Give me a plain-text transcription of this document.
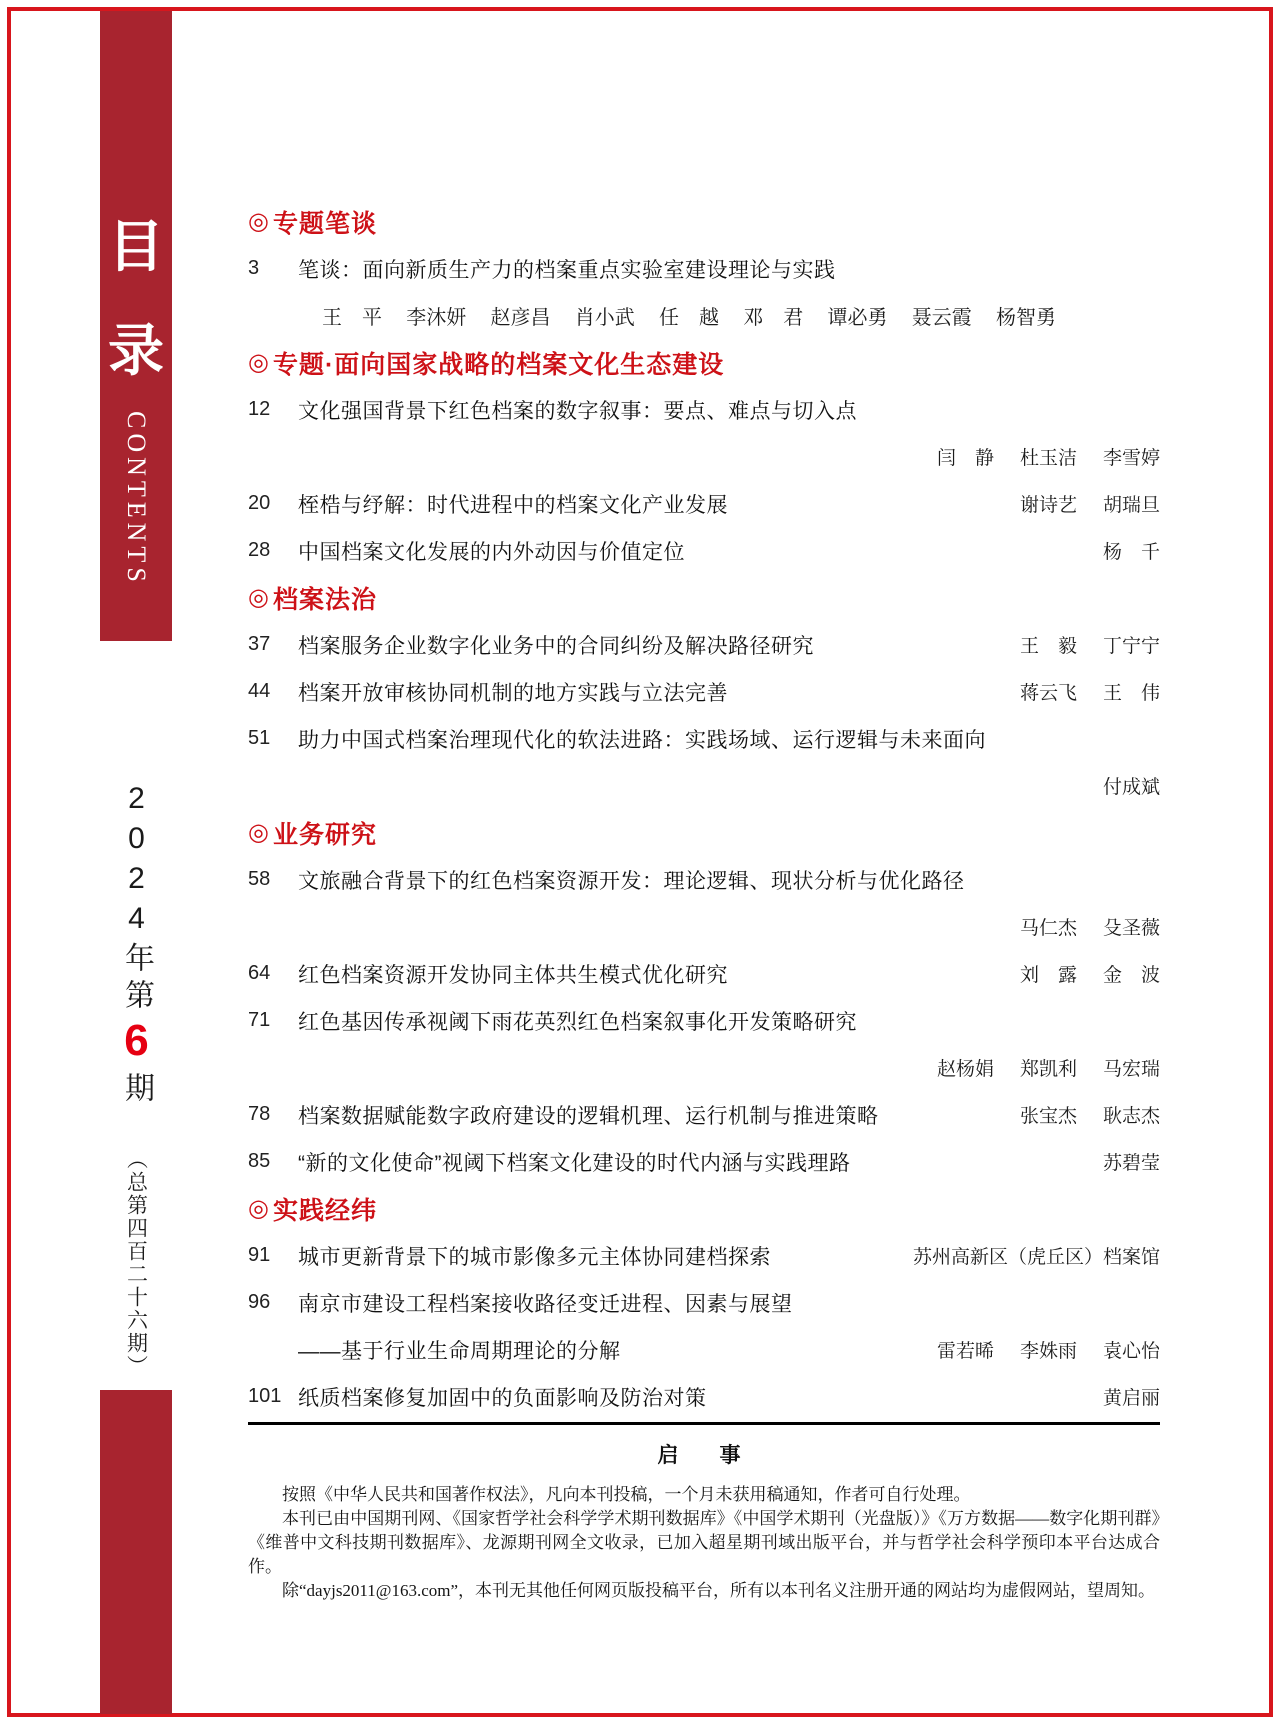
目
录
CONTENTS
2024年第6期
（总第四百二十六期）
◎ 专题笔谈
3	笔谈：面向新质生产力的档案重点实验室建设理论与实践
王　平 李沐妍 赵彦昌 肖小武 任　越 邓　君 谭必勇 聂云霞 杨智勇
◎ 专题·面向国家战略的档案文化生态建设
12	文化强国背景下红色档案的数字叙事：要点、难点与切入点
闫　静 杜玉洁 李雪婷
20	桎梏与纾解：时代进程中的档案文化产业发展	谢诗艺 胡瑞旦
28	中国档案文化发展的内外动因与价值定位	杨　千
◎ 档案法治
37	档案服务企业数字化业务中的合同纠纷及解决路径研究	王　毅 丁宁宁
44	档案开放审核协同机制的地方实践与立法完善	蒋云飞 王　伟
51	助力中国式档案治理现代化的软法进路：实践场域、运行逻辑与未来面向
付成斌
◎ 业务研究
58	文旅融合背景下的红色档案资源开发：理论逻辑、现状分析与优化路径
马仁杰 殳圣薇
64	红色档案资源开发协同主体共生模式优化研究	刘　露 金　波
71	红色基因传承视阈下雨花英烈红色档案叙事化开发策略研究
赵杨娟 郑凯利 马宏瑞
78	档案数据赋能数字政府建设的逻辑机理、运行机制与推进策略	张宝杰 耿志杰
85	“新的文化使命”视阈下档案文化建设的时代内涵与实践理路	苏碧莹
◎ 实践经纬
91	城市更新背景下的城市影像多元主体协同建档探索	苏州高新区（虎丘区）档案馆
96	南京市建设工程档案接收路径变迁进程、因素与展望
——基于行业生命周期理论的分解	雷若晞 李姝雨 袁心怡
101 纸质档案修复加固中的负面影响及防治对策	黄启丽
启　事

按照《中华人民共和国著作权法》，凡向本刊投稿，一个月未获用稿通知，作者可自行处理。

本刊已由中国期刊网、《国家哲学社会科学学术期刊数据库》《中国学术期刊（光盘版）》《万方数据——数字化期刊群》《维普中文科技期刊数据库》、龙源期刊网全文收录，已加入超星期刊域出版平台，并与哲学社会科学预印本平台达成合作。

除“dayjs2011@163.com”，本刊无其他任何网页版投稿平台，所有以本刊名义注册开通的网站均为虚假网站，望周知。
